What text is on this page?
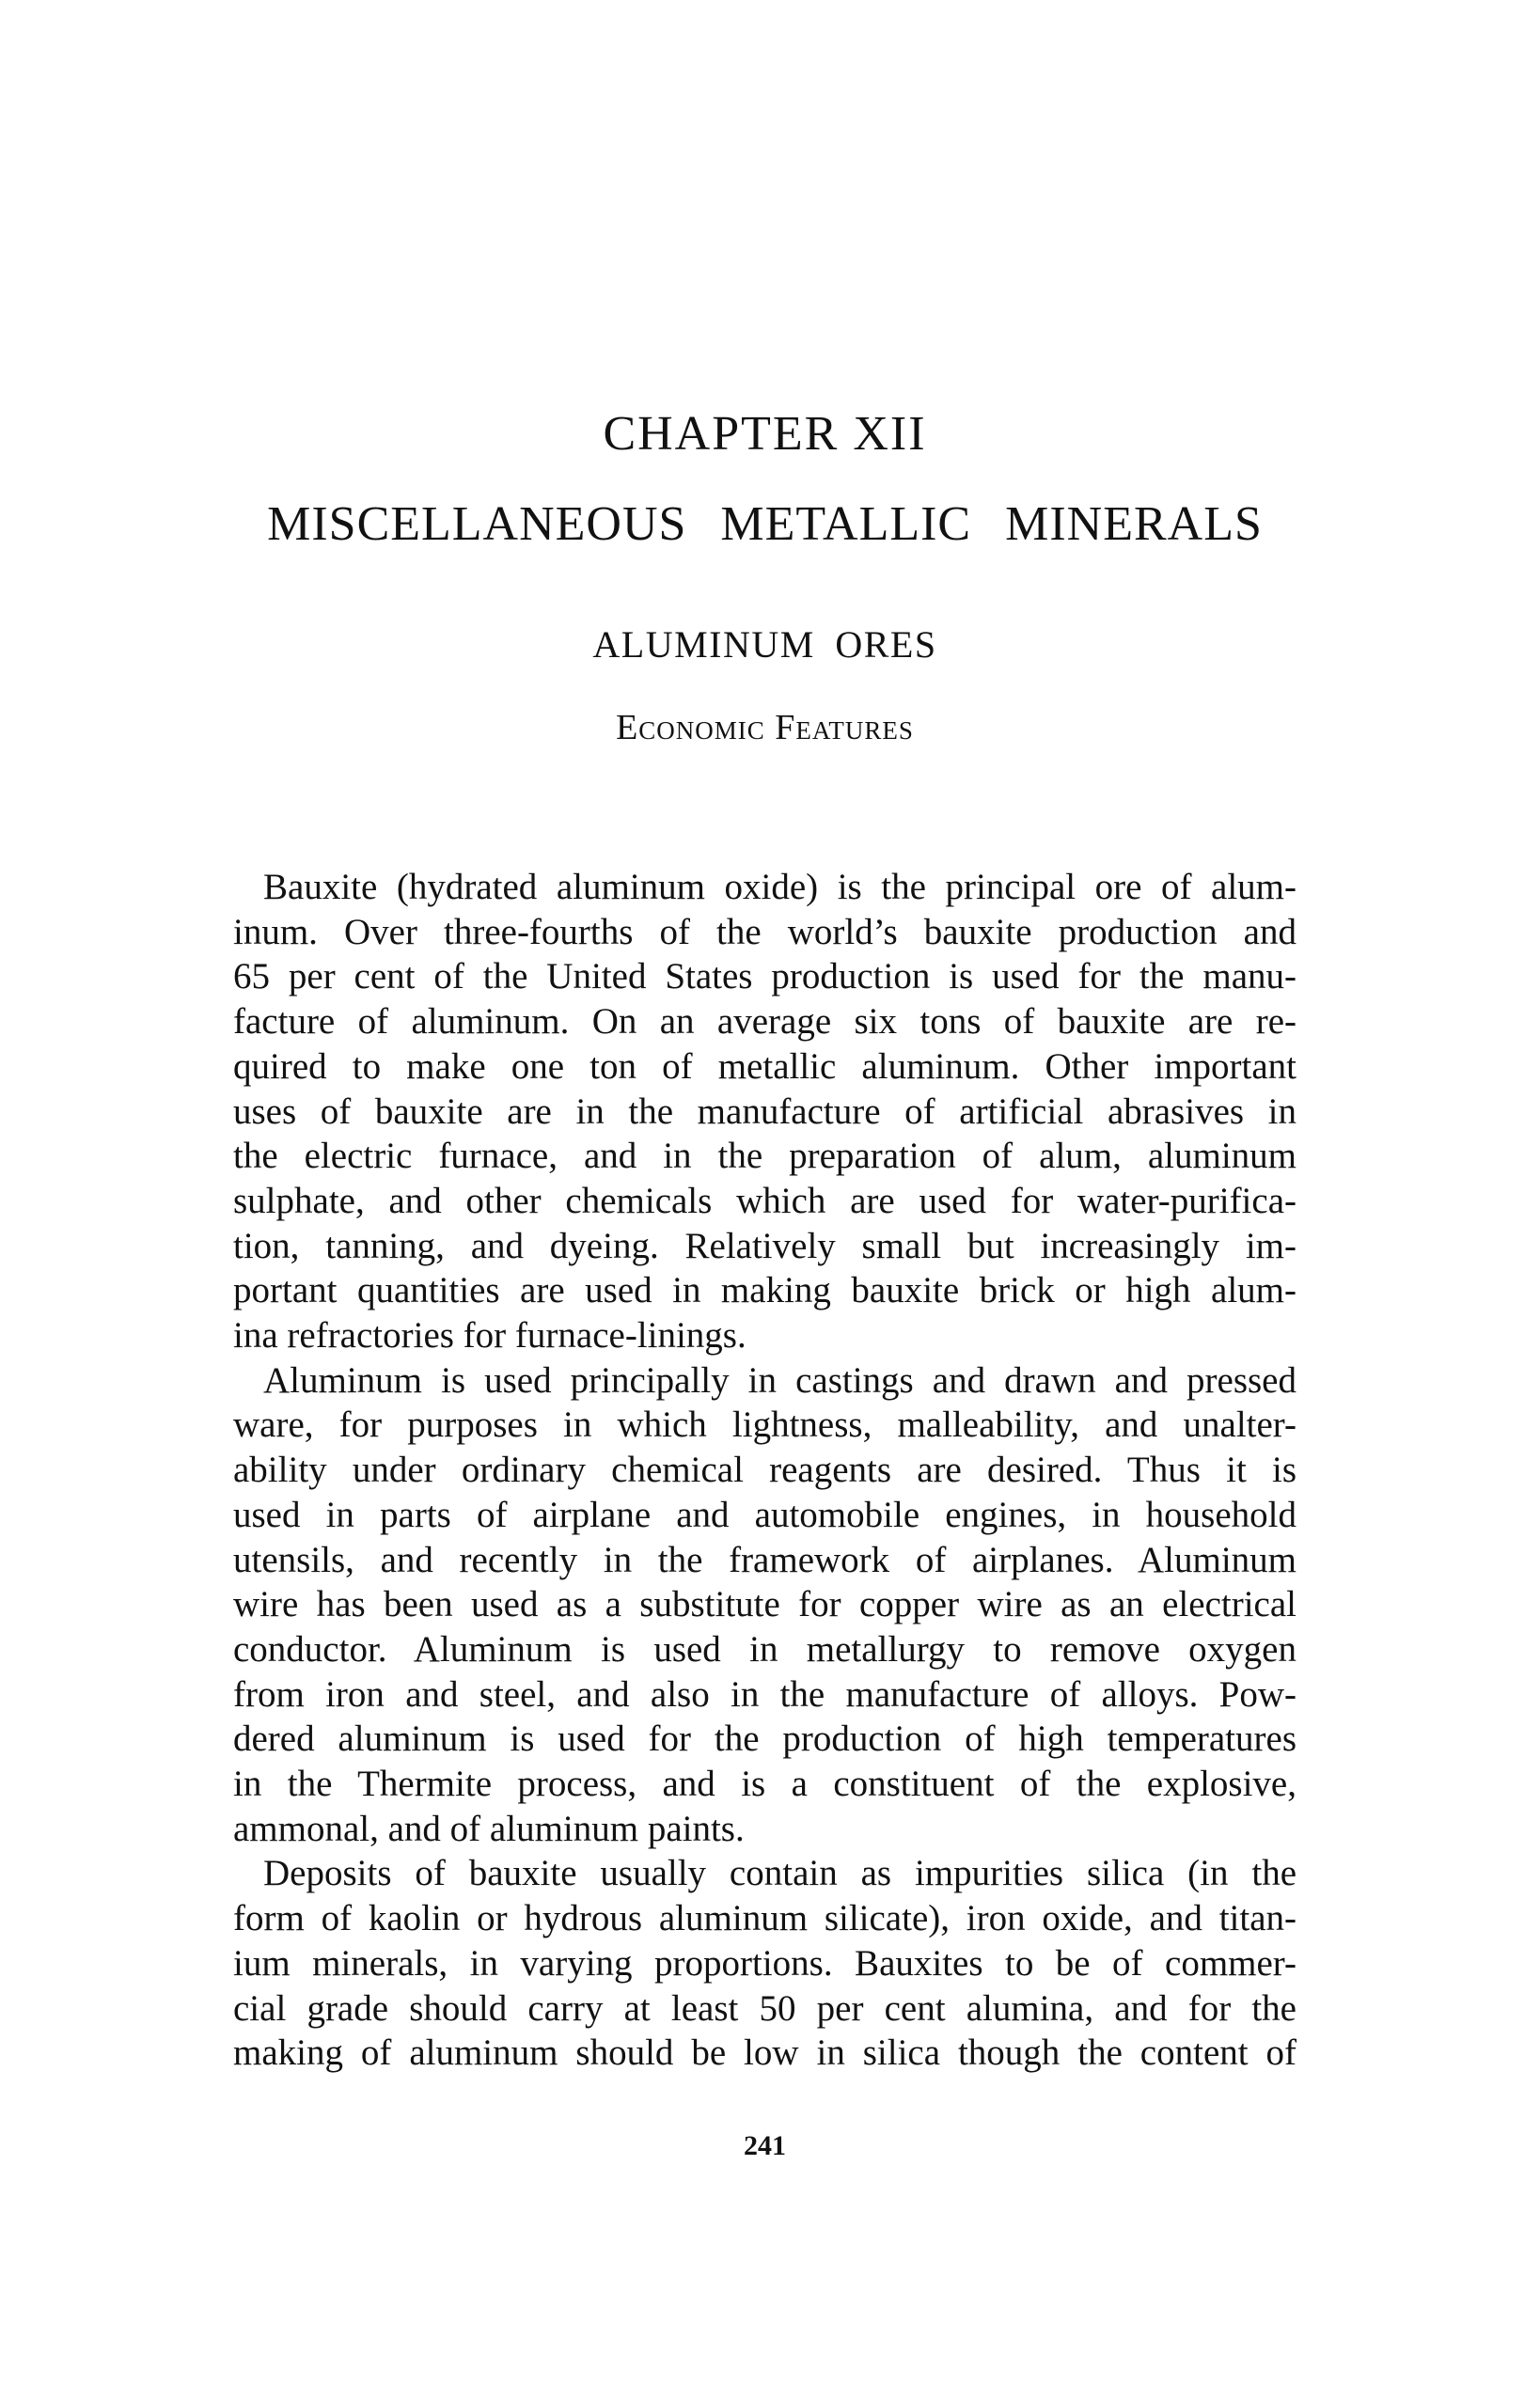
CHAPTER XII
MISCELLANEOUS METALLIC MINERALS
ALUMINUM ORES
Economic Features
Bauxite (hydrated aluminum oxide) is the principal ore of alum-
inum. Over three-fourths of the world’s bauxite production and
65 per cent of the United States production is used for the manu-
facture of aluminum. On an average six tons of bauxite are re-
quired to make one ton of metallic aluminum. Other important
uses of bauxite are in the manufacture of artificial abrasives in
the electric furnace, and in the preparation of alum, aluminum
sulphate, and other chemicals which are used for water-purifica-
tion, tanning, and dyeing. Relatively small but increasingly im-
portant quantities are used in making bauxite brick or high alum-
ina refractories for furnace-linings.
Aluminum is used principally in castings and drawn and pressed
ware, for purposes in which lightness, malleability, and unalter-
ability under ordinary chemical reagents are desired. Thus it is
used in parts of airplane and automobile engines, in household
utensils, and recently in the framework of airplanes. Aluminum
wire has been used as a substitute for copper wire as an electrical
conductor. Aluminum is used in metallurgy to remove oxygen
from iron and steel, and also in the manufacture of alloys. Pow-
dered aluminum is used for the production of high temperatures
in the Thermite process, and is a constituent of the explosive,
ammonal, and of aluminum paints.
Deposits of bauxite usually contain as impurities silica (in the
form of kaolin or hydrous aluminum silicate), iron oxide, and titan-
ium minerals, in varying proportions. Bauxites to be of commer-
cial grade should carry at least 50 per cent alumina, and for the
making of aluminum should be low in silica though the content of
241
